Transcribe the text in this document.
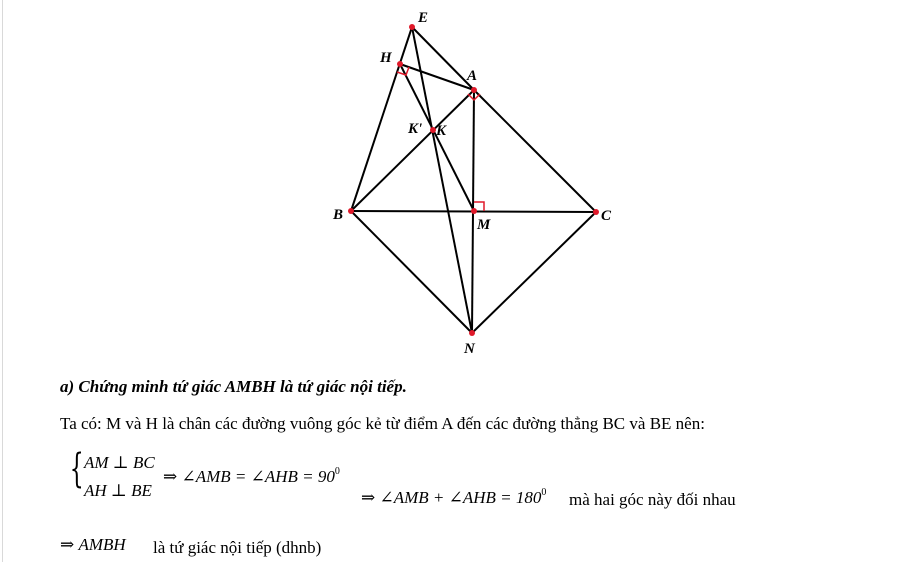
E
H
A
K' K
B
M
C
N
a) Chứng minh tứ giác AMBH là tứ giác nội tiếp.
Ta có: M và H là chân các đường vuông góc kẻ từ điểm A đến các đường thẳng BC và BE nên:
{ AM ⊥ BC
AH ⊥ BE
⇒ ∠AMB = ∠AHB = $90^0$
⇒ ∠AMB + ∠AHB = $180^0$ mà hai góc này đối nhau
⇒ AMBH là tứ giác nội tiếp (dhnb)
